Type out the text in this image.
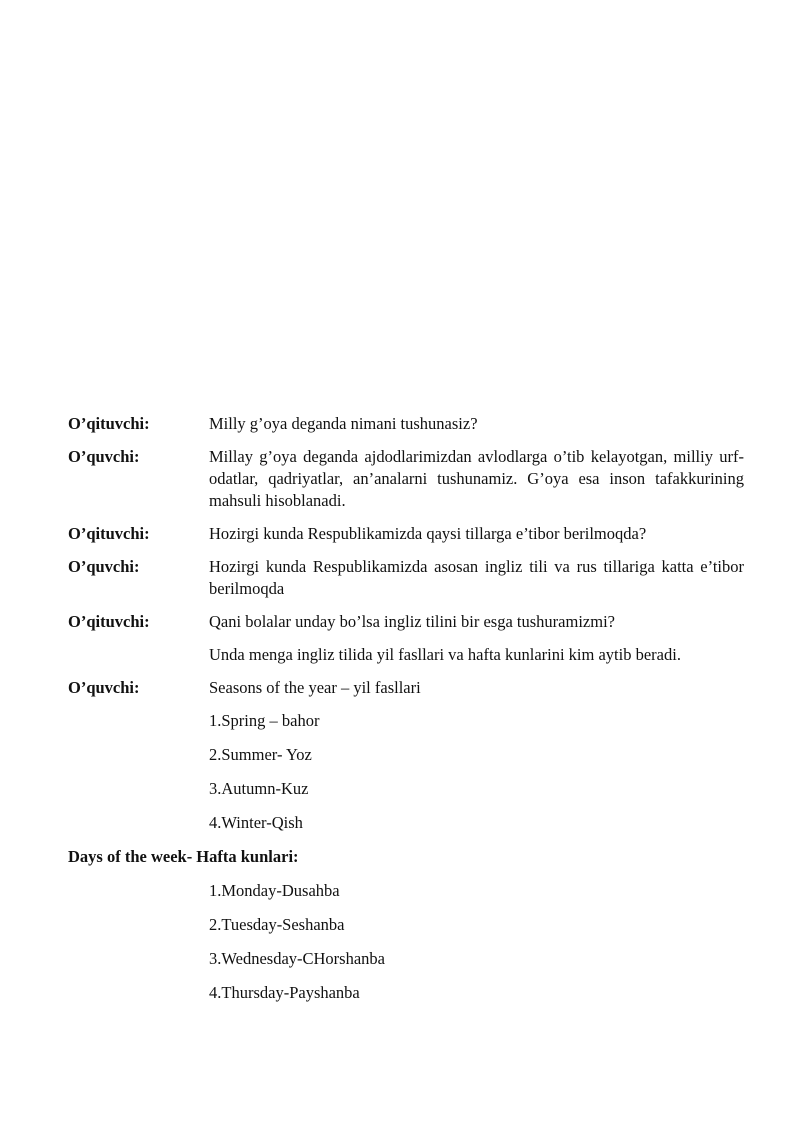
O’qituvchi:	Milly g’oya deganda nimani tushunasiz?
O’quvchi:	Millay g’oya deganda ajdodlarimizdan avlodlarga o’tib kelayotgan, milliy urf-odatlar, qadriyatlar, an’analarni tushunamiz. G’oya esa inson tafakkurining mahsuli hisoblanadi.
O’qituvchi:	Hozirgi kunda Respublikamizda qaysi tillarga e’tibor berilmoqda?
O’quvchi:	Hozirgi kunda Respublikamizda asosan ingliz tili va rus tillariga katta e’tibor berilmoqda
O’qituvchi:	Qani bolalar unday bo’lsa ingliz tilini bir esga tushuramizmi?
Unda menga ingliz tilida yil fasllari va hafta kunlarini kim aytib beradi.
O’quvchi:	Seasons of the year – yil fasllari
1.Spring – bahor
2.Summer- Yoz
3.Autumn-Kuz
4.Winter-Qish
Days of the week- Hafta kunlari:
1.Monday-Dusahba
2.Tuesday-Seshanba
3.Wednesday-CHorshanba
4.Thursday-Payshanba
